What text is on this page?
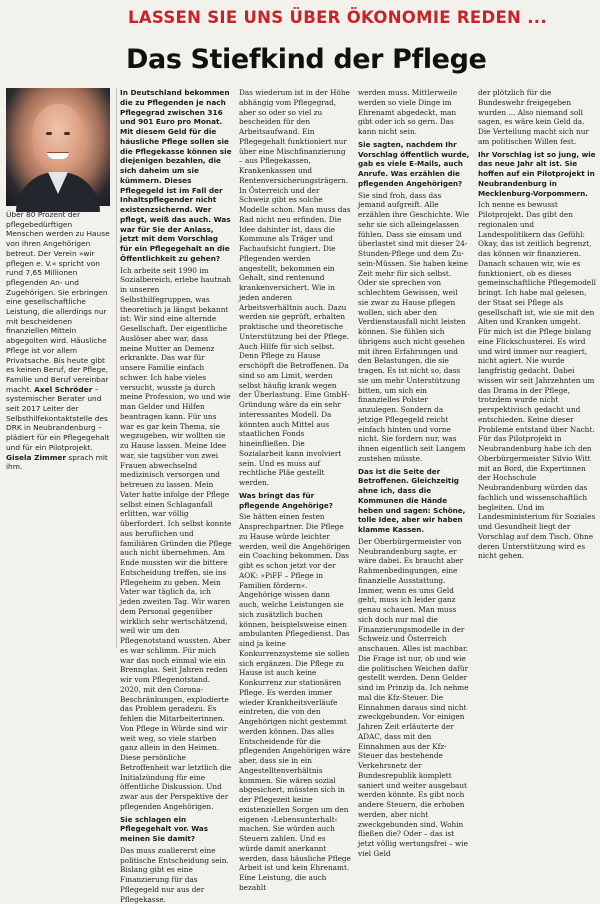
LASSEN SIE UNS ÜBER ÖKONOMIE REDEN ...
Das Stiefkind der Pflege
Über 80 Prozent der pflegebedürftigen Menschen werden zu Hause von ihren Angehörigen betreut. Der Verein »wir pflegen e. V.« spricht von rund 7,65 Millionen pflegenden An- und Zugehörigen. Sie erbringen eine gesellschaftliche Leistung, die allerdings nur mit bescheidenen finanziellen Mitteln abgegolten wird. Häusliche Pflege ist vor allem Privatsache. Bis heute gibt es keinen Beruf, der Pflege, Familie und Beruf vereinbar macht. Axel Schröder –systemischer Berater und seit 2017 Leiter der Selbsthilfekontaktstelle des DRK in Neubrandenburg – plädiert für ein Pflegegehalt und für ein Pilotprojekt. Gisela Zimmer sprach mit ihm.

In Deutschland bekommen die zu Pflegenden je nach Pflegegrad zwischen 316 und 901 Euro pro Monat. Mit diesem Geld für die häusliche Pflege sollen sie die Pflegekasse können sie diejenigen bezahlen, die sich daheim um sie kümmern. Dieses Pflegegeld ist im Fall der Inhaltspflegender nicht existenzsichernd. Wer pflegt, weiß das auch. Was war für Sie der Anlass, jetzt mit dem Vorschlag für ein Pflegegehalt an die Öffentlichkeit zu gehen?

Ich arbeite seit 1990 im Sozialbereich, erlebe hautnah in unseren Selbsthilfegruppen, was theoretisch ja längst bekannt ist: Wir sind eine alternde Gesellschaft. Der eigentliche Auslöser aber war, dass meine Mutter an Demenz erkrankte. Das war für unsere Familie einfach schwer. Ich habe vieles versucht, wusste ja durch meine Profession, wo und wie man Gelder und Hilfen beantragen kann. Für uns war es gar kein Thema, sie wegzugeben, wir wollten sie zu Hause lassen. Meine Idee war, sie tagsüber von zwei Frauen abwechselnd medizinisch versorgen und betreuen zu lassen. Mein Vater hatte infolge der Pflege selbst einen Schlaganfall erlitten, war völlig überfordert. Ich selbst konnte aus beruflichen und familiären Gründen die Pflege auch nicht übernehmen. Am Ende mussten wir die bittere Entscheidung treffen, sie ins Pflegeheim zu geben. Mein Vater war täglich da, ich jeden zweiten Tag. Wir waren dem Personal gegenüber wirklich sehr wertschätzend, weil wir um den Pflegenotstand wussten. Aber es war schlimm. Für mich war das noch einmal wie ein Brennglas. Seit Jahren reden wir vom Pflegenotstand. 2020, mit den Corona-Beschränkungen, explodierte das Problem geradezu. Es fehlen die Mitarbeiterinnen. Von Pflege in Würde sind wir weit weg, so viele starben ganz allein in den Heimen. Diese persönliche Betroffenheit war letztlich die Initialzündung für eine öffentliche Diskussion. Und zwar aus der Perspektive der pflegenden Angehörigen.

Sie schlagen ein Pflegegehalt vor. Was meinen Sie damit?

Das muss zuallererst eine politische Entscheidung sein. Bislang gibt es eine Finanzierung für das Pflegegeld nur aus der Pflegekasse.

Das wiederum ist in der Höhe abhängig vom Pflegegrad, aber so oder so viel zu bescheiden für den Arbeitsaufwand. Ein Pflegegehalt funktioniert nur über eine Mischfinanzierung – aus Pflegekassen, Krankenkassen und Rentenversicherungsträgern. In Österreich und der Schweiz gibt es solche Modelle schon. Man muss das Rad nicht neu erfinden. Die Idee dahinter ist, dass die Kommune als Träger und Fachaufsicht fungiert. Die Pflegenden werden angestellt, bekommen ein Gehalt, sind rentenund krankenversichert. Wie in jeden anderen Arbeitsverhältnis auch. Dazu werden sie geprüft, erhalten praktische und theoretische Unterstützung bei der Pflege. Auch Hilfe für sich selbst. Denn Pflege zu Hause erschöpft die Betroffenen. Da sind so am Limit, werden selbst häufig krank wegen der Überlastung. Eine GmbH-Gründung wäre da ein sehr interessantes Modell. Da könnten auch Mittel aus staatlichen Fonds hineinfließen. Die Sozialarbeit kann involviert sein. Und es muss auf rechtliche Pläe gestellt werden.

Was bringt das für pflegende Angehörige?

Sie hätten einen festen Ansprechpartner. Die Pflege zu Hause würde leichter werden, weil die Angehörigen ein Coaching bekommen. Das gibt es schon jetzt vor der AOK: »PiFF – Pflege in Familien fördern«. Angehörige wissen dann auch, welche Leistungen sie sich zusätzlich buchen können, beispielsweise einen ambulanten Pflegedienst. Das sind ja keine Konkurrenzsysteme sie sollen sich ergänzen. Die Pflege zu Hause ist auch keine Konkurrenz zur stationären Pflege. Es werden immer wieder Krankheitsverläufe eintreten, die von den Angehörigen nicht gestemmt werden können. Das alles Entscheidende für die pflegenden Angehörigen wäre aber, dass sie in ein Angestelltenverhältnis kommen. Sie wären sozial abgesichert, müssten sich in der Pflegezeit keine existenziellen Sorgen um den eigenen ›Lebensunterhalt‹ machen. Sie würden auch Steuern zahlen. Und es würde damit anerkannt werden, dass häusliche Pflege Arbeit ist und kein Ehrenamt. Eine Leistung, die auch bezahlt

werden muss. Mittlerweile werden so viele Dinge im Ehrenamt abgedeckt, man gibt oder ich so gern. Das kann nicht sein.

Sie sagten, nachdem Ihr Vorschlag öffentlich wurde, gab es viele E-Mails, auch Anrufe. Was erzählen die pflegenden Angehörigen?

Sie sind froh, dass das jemand aufgreift. Alle erzählen ihre Geschichte. Wie sehr sie sich alleingelassen fühlen. Dass sie einsam und überlastet sind mit dieser 24-Stunden-Pflege und dem Zu-sein-Müssen. Sie haben keine Zeit mehr für sich selbst. Oder sie sprechen von schlechtem Gewissen, weil sie zwar zu Hause pflegen wollen, sich aber den Verdienstausfall nicht leisten können. Sie fühlen sich übrigens auch nicht gesehen mit ihren Erfahrungen und den Belastungen, die sie tragen. Es ist nicht so, dass sie um mehr Unterstützung bitten, um sich ein finanzielles Polster anzulegen. Sondern da jetzige Pflegegeld reicht einfach hinten und vorne nicht. Sie fordern nur, was ihnen eigentlich seit Langem zustehen müsste.

Das ist die Seite der Betroffenen. Gleichzeitig ahne ich, dass die Kommunen die Hände heben und sagen: Schöne, tolle Idee, aber wir haben klamme Kassen.

Der Oberbürgermeister von Neubrandenburg sagte, er wäre dabei. Es braucht aber Rahmenbedingungen, eine finanzielle Ausstattung. Immer, wenn es ums Geld geht, muss ich leider ganz genau schauen. Man muss sich doch nur mal die Finanzierungsmodelle in der Schweiz und Österreich anschauen. Alles ist machbar. Die Frage ist nur, ob und wie die politischen Weichen dafür gestellt werden. Denn Gelder sind im Prinzip da. Ich nehme mal die Kfz-Steuer. Die Einnahmen daraus sind nicht zweckgebunden. Vor einigen Jahren Zeit erläuterte der ADAC, dass mit den Einnahmen aus der Kfz-Steuer das bestehende Verkehrsnetz der Bundesrepublik komplett saniert und weiter ausgebaut werden könnte. Es gibt noch andere Steuern, die erhoben werden, aber nicht zweckgebunden sind. Wohin fließen die? Oder – das ist jetzt völlig wertungsfrei – wie viel Geld

der plötzlich für die Bundeswehr freigegeben wurden ... Also niemand soll sagen, es wäre kein Geld da. Die Verteilung macht sich nur am politischen Willen fest.

Ihr Vorschlag ist so jung, wie das neue Jahr alt ist. Sie hoffen auf ein Pilotprojekt in Neubrandenburg in Mecklenburg-Vorpommern.

Ich nenne es bewusst Pilotprojekt. Das gibt den regionalen und Landespolitikern das Gefühl: Okay, das ist zeitlich begrenzt, das können wir finanzieren. Danach schauen wir, wie es funktioniert, ob es dieses gemeinschaftliche Pflegemodell bringt. Ich habe mal gelesen, der Staat sei Pflege als gesellschaft ist, wie sie mit den Alten und Kranken umgeht. Für mich ist die Pflege bislang eine Flickschusterei. Es wird und wird immer nur reagiert, nicht agiert. Nie wurde langfristig gedacht. Dabei wissen wir seit Jahrzehnten um das Drama in der Pflege, trotzdem wurde nicht perspektivisch gedacht und entschieden. Keine dieser Probleme entstand über Nacht. Für das Pilotprojekt in Neubrandenburg habe ich den Oberbürgermeister Silvio Witt mit an Bord, die Expertinnen der Hochschule Neubrandenburg würden das fachlich und wissenschaftlich begleiten. Und im Landesministerium für Soziales und Gesundheit liegt der Vorschlag auf dem Tisch. Ohne deren Unterstützung wird es nicht gehen.
